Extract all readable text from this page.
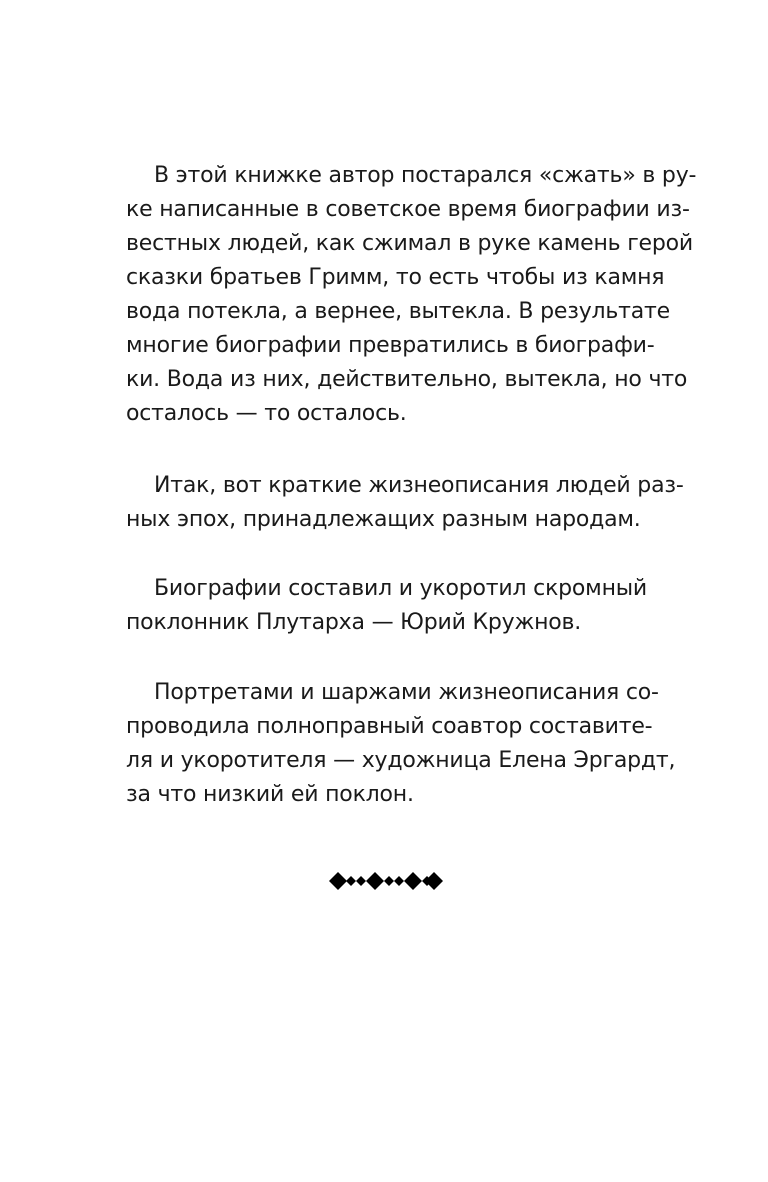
В этой книжке автор постарался «сжать» в ру-
ке написанные в советское время биографии из-
вестных людей, как сжимал в руке камень герой
сказки братьев Гримм, то есть чтобы из камня
вода потекла, а вернее, вытекла. В результате
многие биографии превратились в биографи-
ки. Вода из них, действительно, вытекла, но что
осталось — то осталось.
Итак, вот краткие жизнеописания людей раз-
ных эпох, принадлежащих разным народам.
Биографии составил и укоротил скромный
поклонник Плутарха — Юрий Кружнов.
Портретами и шаржами жизнеописания со-
проводила полноправный соавтор составите-
ля и укоротителя — художница Елена Эргардт,
за что низкий ей поклон.
